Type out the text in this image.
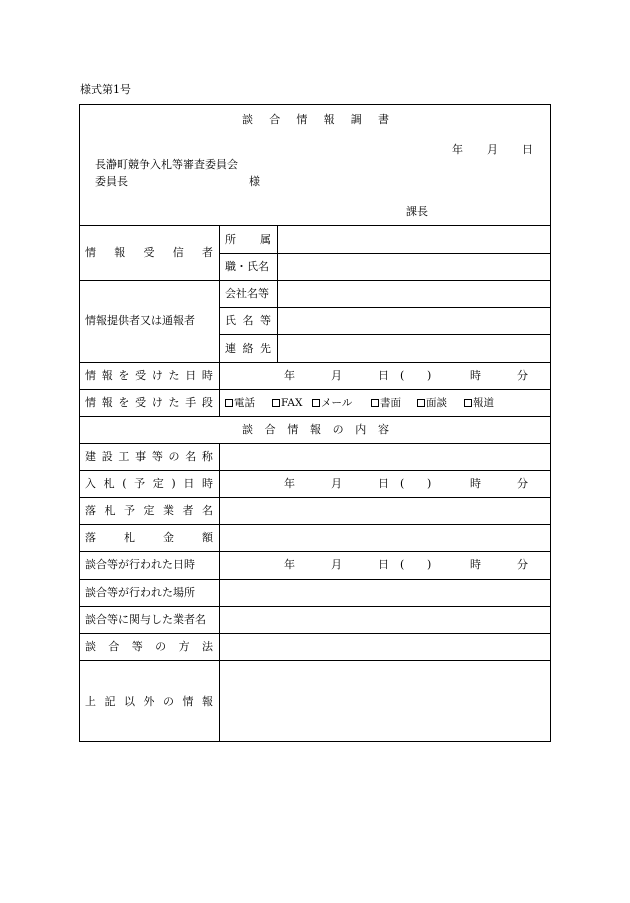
様式第1号
談 合 情 報 調 書
年 月 日
長瀞町競争入札等審査委員会
委員長	様
課長
情 報 受 信 者
所 属
職・氏名
情報提供者又は通報者
会社名等
氏 名 等
連 絡 先
情 報 を 受 け た 日 時	年	月	日 ( )	時	分
情 報 を 受 け た 手 段	電話	FAX	メール	書面	面談	報道
談 合 情 報 の 内 容
建 設 工 事 等 の 名 称
入 札 ( 予 定 ) 日 時	年	月	日 ( )	時	分
落 札 予 定 業 者 名
落	札	金	額
談合等が行われた日時	年	月	日 ( )	時	分
談合等が行われた場所
談合等に関与した業者名
談 合 等 の 方 法
上 記 以 外 の 情 報
